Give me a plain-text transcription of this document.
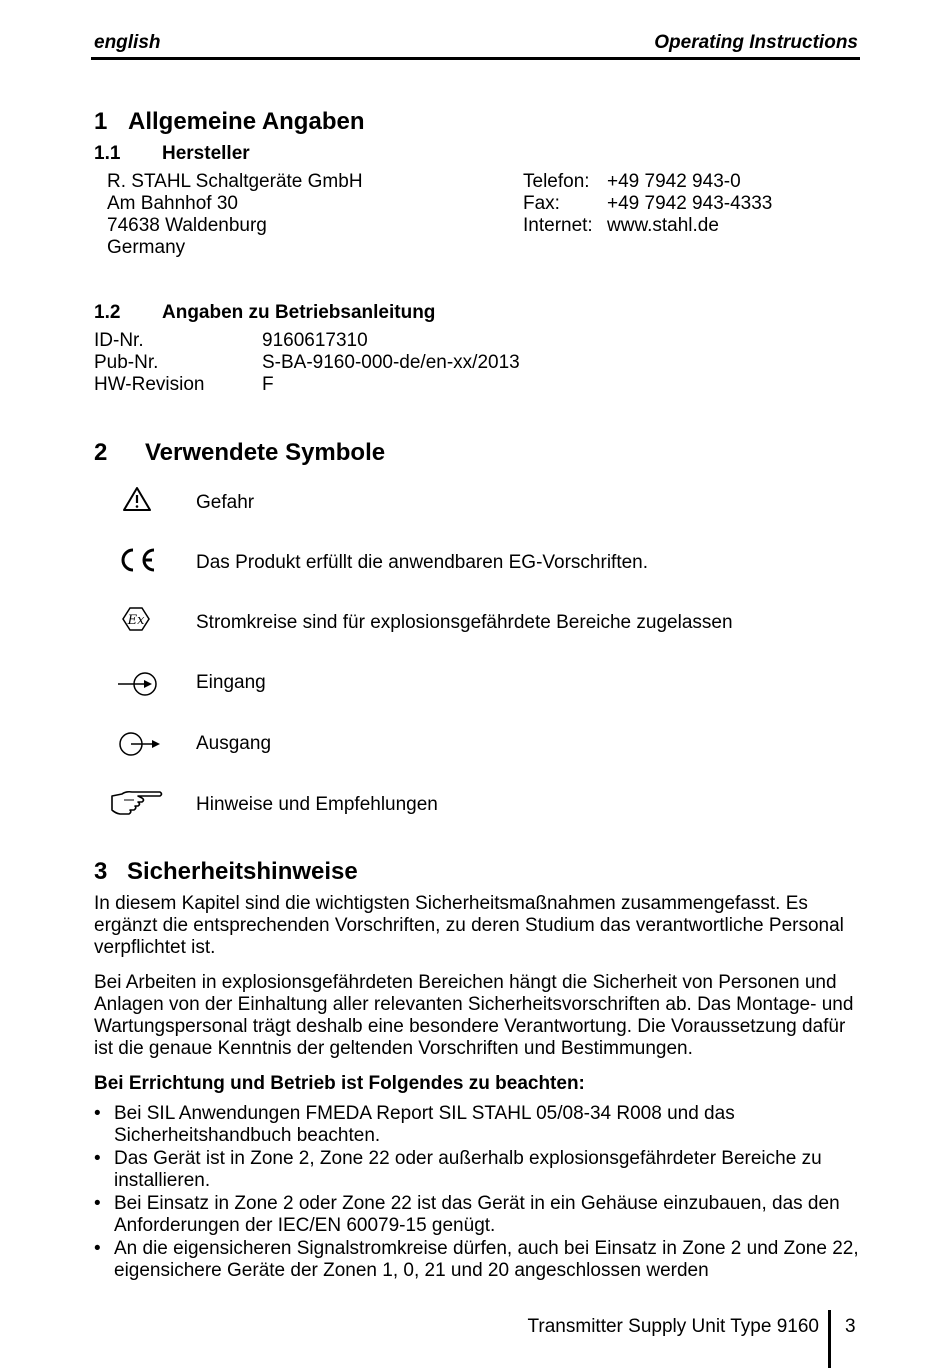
english	Operating Instructions
1 Allgemeine Angaben
1.1 Hersteller
R. STAHL Schaltgeräte GmbH
Am Bahnhof 30
74638 Waldenburg
Germany
Telefon: +49 7942 943-0
Fax: +49 7942 943-4333
Internet: www.stahl.de
1.2 Angaben zu Betriebsanleitung
ID-Nr.	9160617310
Pub-Nr.	S-BA-9160-000-de/en-xx/2013
HW-Revision	F
2 Verwendete Symbole
Gefahr
Das Produkt erfüllt die anwendbaren EG-Vorschriften.
Ex	Stromkreise sind für explosionsgefährdete Bereiche zugelassen
Eingang
Ausgang
Hinweise und Empfehlungen
3 Sicherheitshinweise
In diesem Kapitel sind die wichtigsten Sicherheitsmaßnahmen zusammengefasst. Es ergänzt die entsprechenden Vorschriften, zu deren Studium das verantwortliche Personal verpflichtet ist.
Bei Arbeiten in explosionsgefährdeten Bereichen hängt die Sicherheit von Personen und Anlagen von der Einhaltung aller relevanten Sicherheitsvorschriften ab. Das Montage- und Wartungspersonal trägt deshalb eine besondere Verantwortung. Die Voraussetzung dafür ist die genaue Kenntnis der geltenden Vorschriften und Bestimmungen.
Bei Errichtung und Betrieb ist Folgendes zu beachten:
• Bei SIL Anwendungen FMEDA Report SIL STAHL 05/08-34 R008 und das Sicherheitshandbuch beachten.
• Das Gerät ist in Zone 2, Zone 22 oder außerhalb explosionsgefährdeter Bereiche zu installieren.
• Bei Einsatz in Zone 2 oder Zone 22 ist das Gerät in ein Gehäuse einzubauen, das den Anforderungen der IEC/EN 60079-15 genügt.
• An die eigensicheren Signalstromkreise dürfen, auch bei Einsatz in Zone 2 und Zone 22, eigensichere Geräte der Zonen 1, 0, 21 und 20 angeschlossen werden
Transmitter Supply Unit Type 9160 3
